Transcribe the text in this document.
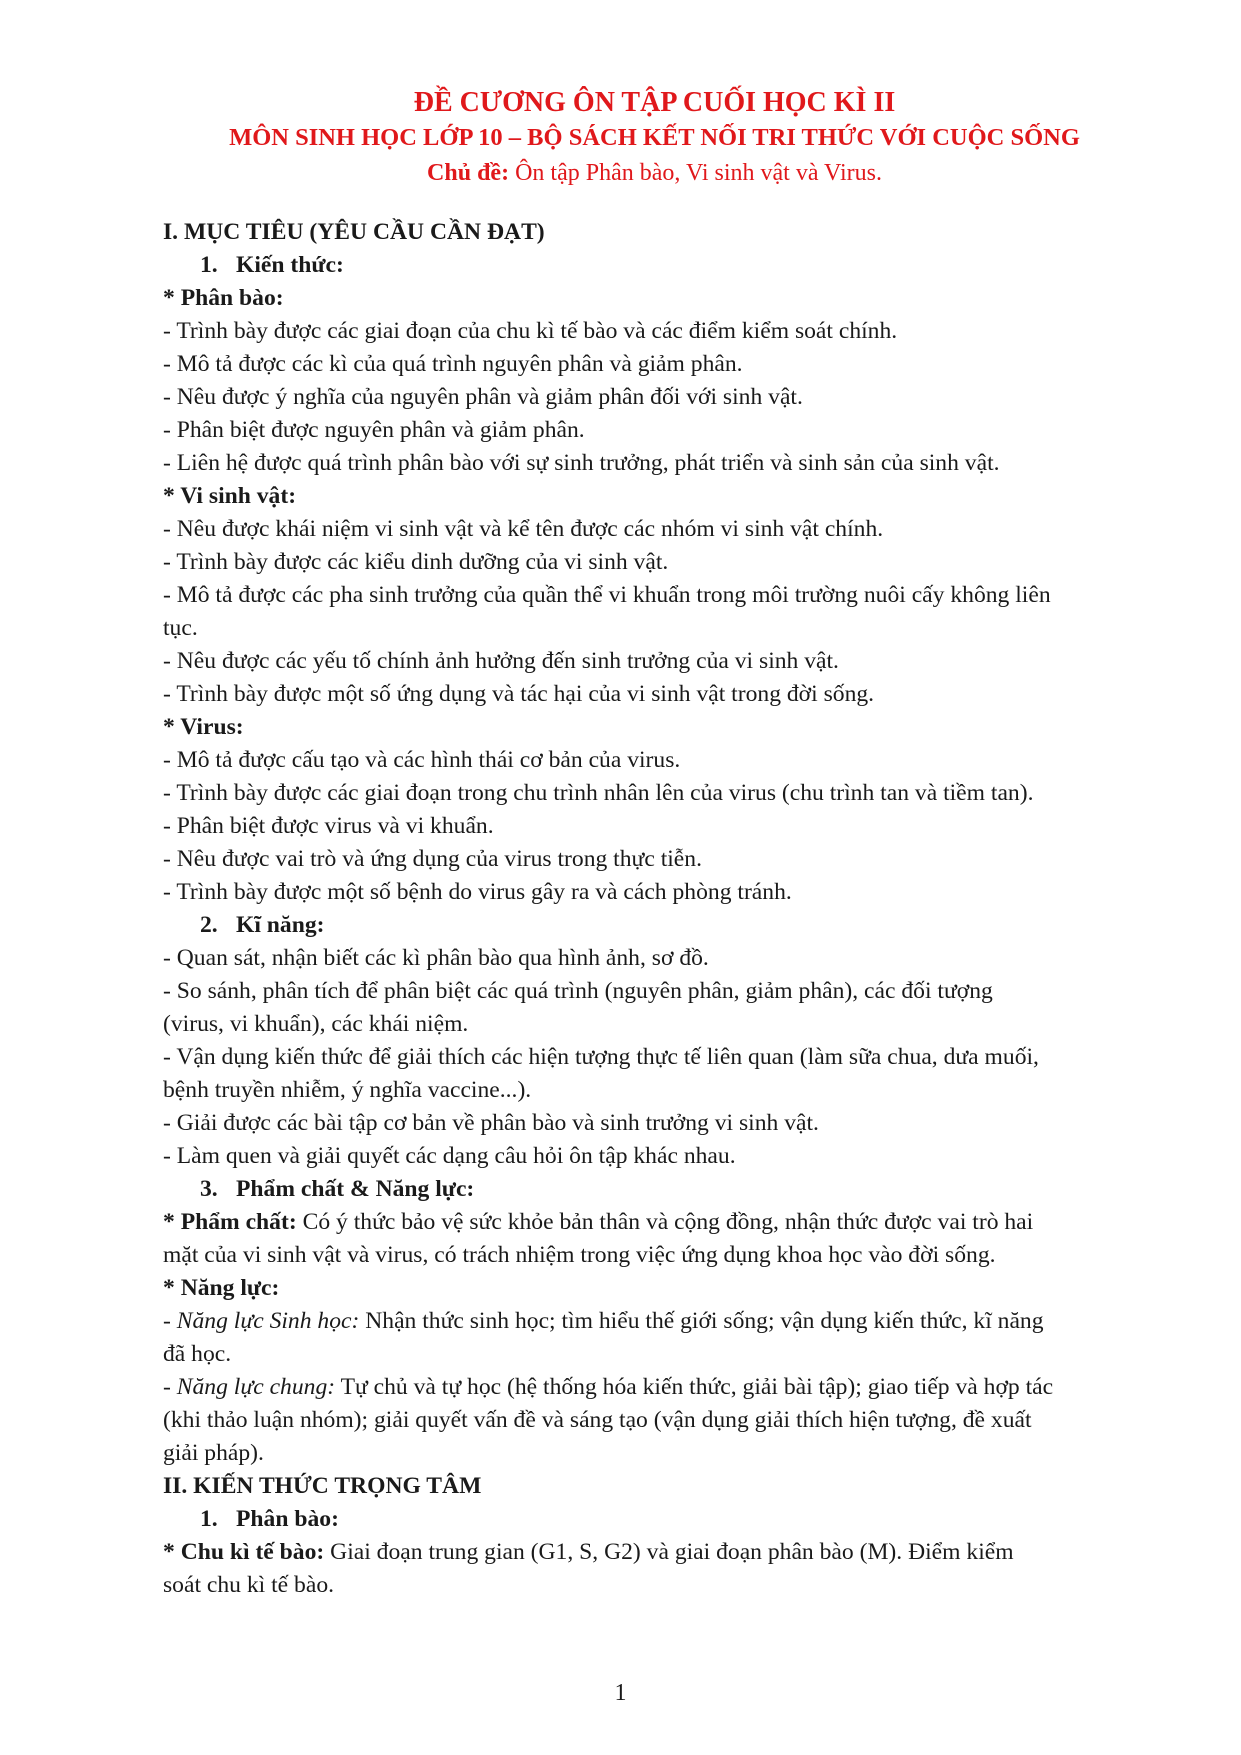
ĐỀ CƯƠNG ÔN TẬP CUỐI HỌC KÌ II
MÔN SINH HỌC LỚP 10 – BỘ SÁCH KẾT NỐI TRI THỨC VỚI CUỘC SỐNG
Chủ đề: Ôn tập Phân bào, Vi sinh vật và Virus.

I. MỤC TIÊU (YÊU CẦU CẦN ĐẠT)

1. Kiến thức:

* Phân bào:

- Trình bày được các giai đoạn của chu kì tế bào và các điểm kiểm soát chính.

- Mô tả được các kì của quá trình nguyên phân và giảm phân.

- Nêu được ý nghĩa của nguyên phân và giảm phân đối với sinh vật.

- Phân biệt được nguyên phân và giảm phân.

- Liên hệ được quá trình phân bào với sự sinh trưởng, phát triển và sinh sản của sinh vật.

* Vi sinh vật:

- Nêu được khái niệm vi sinh vật và kể tên được các nhóm vi sinh vật chính.

- Trình bày được các kiểu dinh dưỡng của vi sinh vật.

- Mô tả được các pha sinh trưởng của quần thể vi khuẩn trong môi trường nuôi cấy không liên

tục.

- Nêu được các yếu tố chính ảnh hưởng đến sinh trưởng của vi sinh vật.

- Trình bày được một số ứng dụng và tác hại của vi sinh vật trong đời sống.

* Virus:

- Mô tả được cấu tạo và các hình thái cơ bản của virus.

- Trình bày được các giai đoạn trong chu trình nhân lên của virus (chu trình tan và tiềm tan).

- Phân biệt được virus và vi khuẩn.

- Nêu được vai trò và ứng dụng của virus trong thực tiễn.

- Trình bày được một số bệnh do virus gây ra và cách phòng tránh.

2. Kĩ năng:

- Quan sát, nhận biết các kì phân bào qua hình ảnh, sơ đồ.

- So sánh, phân tích để phân biệt các quá trình (nguyên phân, giảm phân), các đối tượng

(virus, vi khuẩn), các khái niệm.

- Vận dụng kiến thức để giải thích các hiện tượng thực tế liên quan (làm sữa chua, dưa muối,

bệnh truyền nhiễm, ý nghĩa vaccine...).

- Giải được các bài tập cơ bản về phân bào và sinh trưởng vi sinh vật.

- Làm quen và giải quyết các dạng câu hỏi ôn tập khác nhau.

3. Phẩm chất & Năng lực:

* Phẩm chất: Có ý thức bảo vệ sức khỏe bản thân và cộng đồng, nhận thức được vai trò hai

mặt của vi sinh vật và virus, có trách nhiệm trong việc ứng dụng khoa học vào đời sống.

* Năng lực:

- Năng lực Sinh học: Nhận thức sinh học; tìm hiểu thế giới sống; vận dụng kiến thức, kĩ năng

đã học.

- Năng lực chung: Tự chủ và tự học (hệ thống hóa kiến thức, giải bài tập); giao tiếp và hợp tác

(khi thảo luận nhóm); giải quyết vấn đề và sáng tạo (vận dụng giải thích hiện tượng, đề xuất

giải pháp).

II. KIẾN THỨC TRỌNG TÂM

1. Phân bào:

* Chu kì tế bào: Giai đoạn trung gian (G1, S, G2) và giai đoạn phân bào (M). Điểm kiểm

soát chu kì tế bào.

1
